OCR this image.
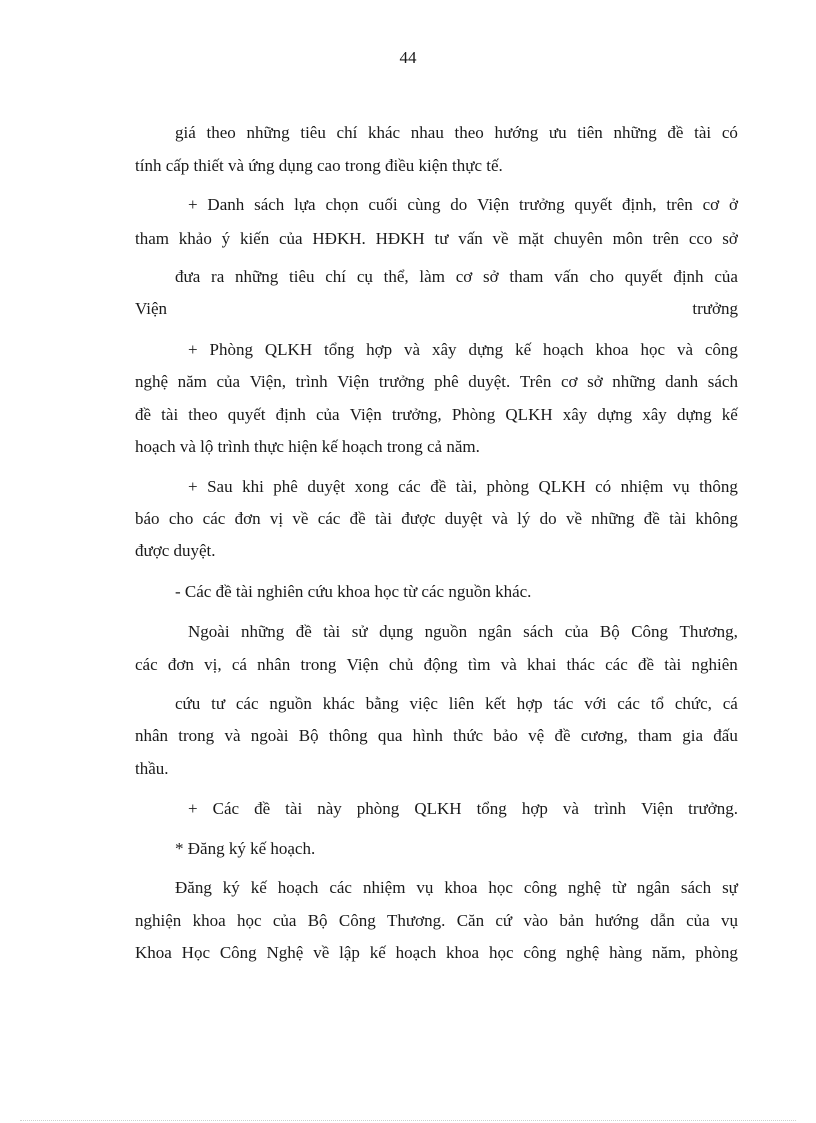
44
giá theo những tiêu chí khác nhau theo hướng ưu tiên những đề tài có
tính cấp thiết và ứng dụng cao trong điều kiện thực tế.
+ Danh sách lựa chọn cuối cùng do Viện trưởng quyết định, trên cơ ở
tham khảo ý kiến của HĐKH. HĐKH tư vấn về mặt chuyên môn trên cco sở
đưa ra những tiêu chí cụ thể, làm cơ sở tham vấn cho quyết định của
Viện	trưởng
+ Phòng QLKH tổng hợp và xây dựng kế hoạch khoa học và công
nghệ năm của Viện, trình Viện trưởng phê duyệt. Trên cơ sở những danh sách
đề tài theo quyết định của Viện trưởng, Phòng QLKH xây dựng xây dựng kế
hoạch và lộ trình thực hiện kế hoạch trong cả năm.
+ Sau khi phê duyệt xong các đề tài, phòng QLKH có nhiệm vụ thông
báo cho các đơn vị về các đề tài được duyệt và lý do về những đề tài không
được duyệt.
- Các đề tài nghiên cứu khoa học từ các nguồn khác.
Ngoài những đề tài sử dụng nguồn ngân sách của Bộ Công Thương,
các đơn vị, cá nhân trong Viện chủ động tìm và khai thác các đề tài nghiên
cứu tư các nguồn khác bằng việc liên kết hợp tác với các tổ chức, cá
nhân trong và ngoài Bộ thông qua hình thức bảo vệ đề cương, tham gia đấu
thầu.
+ Các đề tài này phòng QLKH tổng hợp và trình Viện trưởng.
* Đăng ký kế hoạch.
Đăng ký kế hoạch các nhiệm vụ khoa học công nghệ từ ngân sách sự
nghiện khoa học của Bộ Công Thương. Căn cứ vào bản hướng dẫn của vụ
Khoa Học Công Nghệ về lập kế hoạch khoa học công nghệ hàng năm, phòng
